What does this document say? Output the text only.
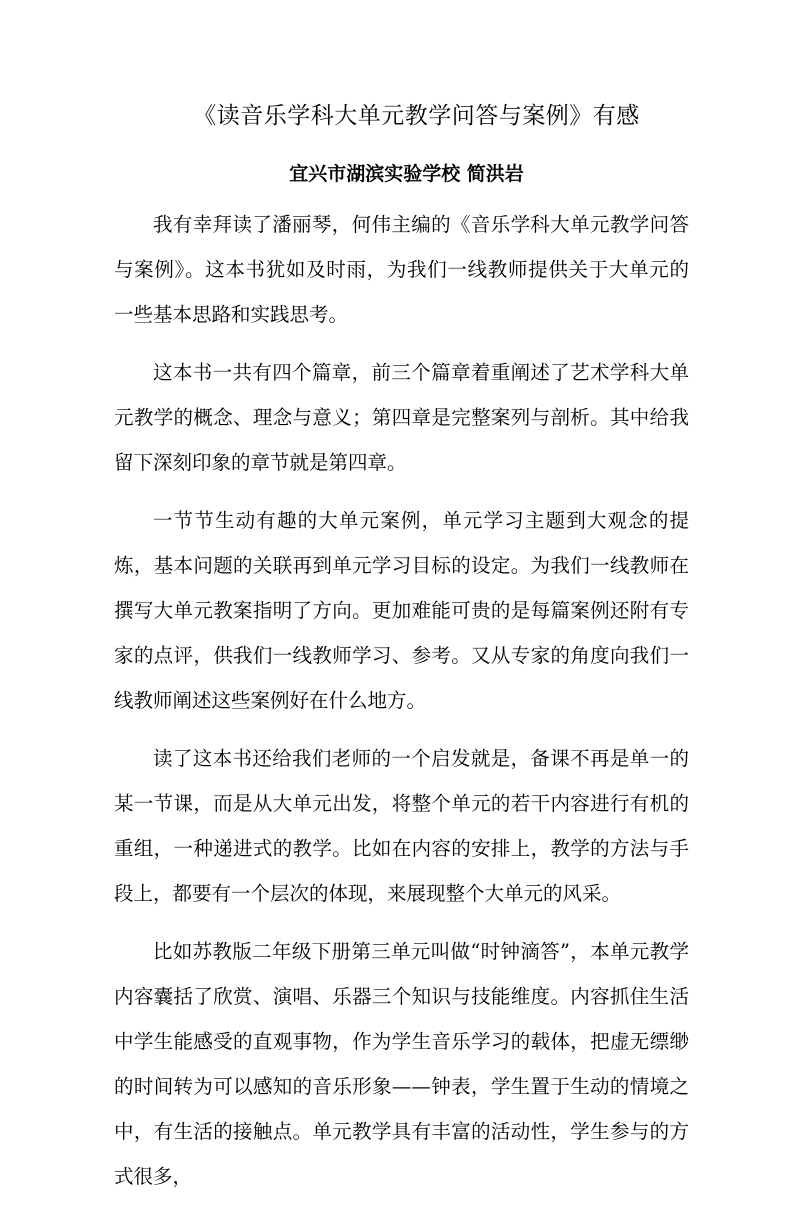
《读音乐学科大单元教学问答与案例》有感
宜兴市湖滨实验学校 简洪岩

我有幸拜读了潘丽琴，何伟主编的《音乐学科大单元教学问答与案例》。这本书犹如及时雨，为我们一线教师提供关于大单元的一些基本思路和实践思考。

这本书一共有四个篇章，前三个篇章着重阐述了艺术学科大单元教学的概念、理念与意义；第四章是完整案列与剖析。其中给我留下深刻印象的章节就是第四章。

一节节生动有趣的大单元案例，单元学习主题到大观念的提炼，基本问题的关联再到单元学习目标的设定。为我们一线教师在撰写大单元教案指明了方向。更加难能可贵的是每篇案例还附有专家的点评，供我们一线教师学习、参考。又从专家的角度向我们一线教师阐述这些案例好在什么地方。

读了这本书还给我们老师的一个启发就是，备课不再是单一的某一节课，而是从大单元出发，将整个单元的若干内容进行有机的重组，一种递进式的教学。比如在内容的安排上，教学的方法与手段上，都要有一个层次的体现，来展现整个大单元的风采。

比如苏教版二年级下册第三单元叫做“时钟滴答”，本单元教学内容囊括了欣赏、演唱、乐器三个知识与技能维度。内容抓住生活中学生能感受的直观事物，作为学生音乐学习的载体，把虚无缥缈的时间转为可以感知的音乐形象——钟表，学生置于生动的情境之中，有生活的接触点。单元教学具有丰富的活动性，学生参与的方式很多，
